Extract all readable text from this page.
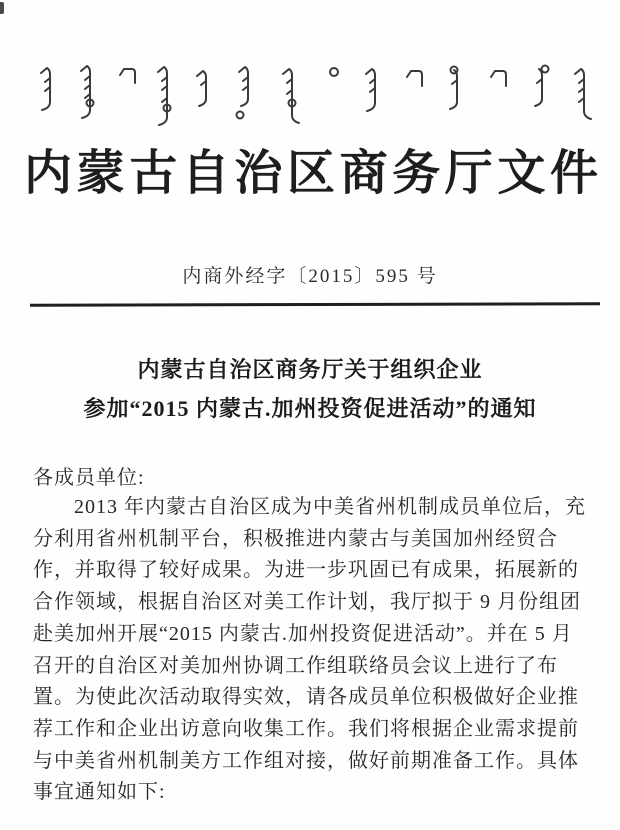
内蒙古自治区商务厅文件
内商外经字〔2015〕595 号
内蒙古自治区商务厅关于组织企业
参加“2015 内蒙古.加州投资促进活动”的通知
各成员单位:
2013 年内蒙古自治区成为中美省州机制成员单位后，充
分利用省州机制平台，积极推进内蒙古与美国加州经贸合
作，并取得了较好成果。为进一步巩固已有成果，拓展新的
合作领域，根据自治区对美工作计划，我厅拟于 9 月份组团
赴美加州开展“2015 内蒙古.加州投资促进活动”。并在 5 月
召开的自治区对美加州协调工作组联络员会议上进行了布
置。为使此次活动取得实效，请各成员单位积极做好企业推
荐工作和企业出访意向收集工作。我们将根据企业需求提前
与中美省州机制美方工作组对接，做好前期准备工作。具体
事宜通知如下:
